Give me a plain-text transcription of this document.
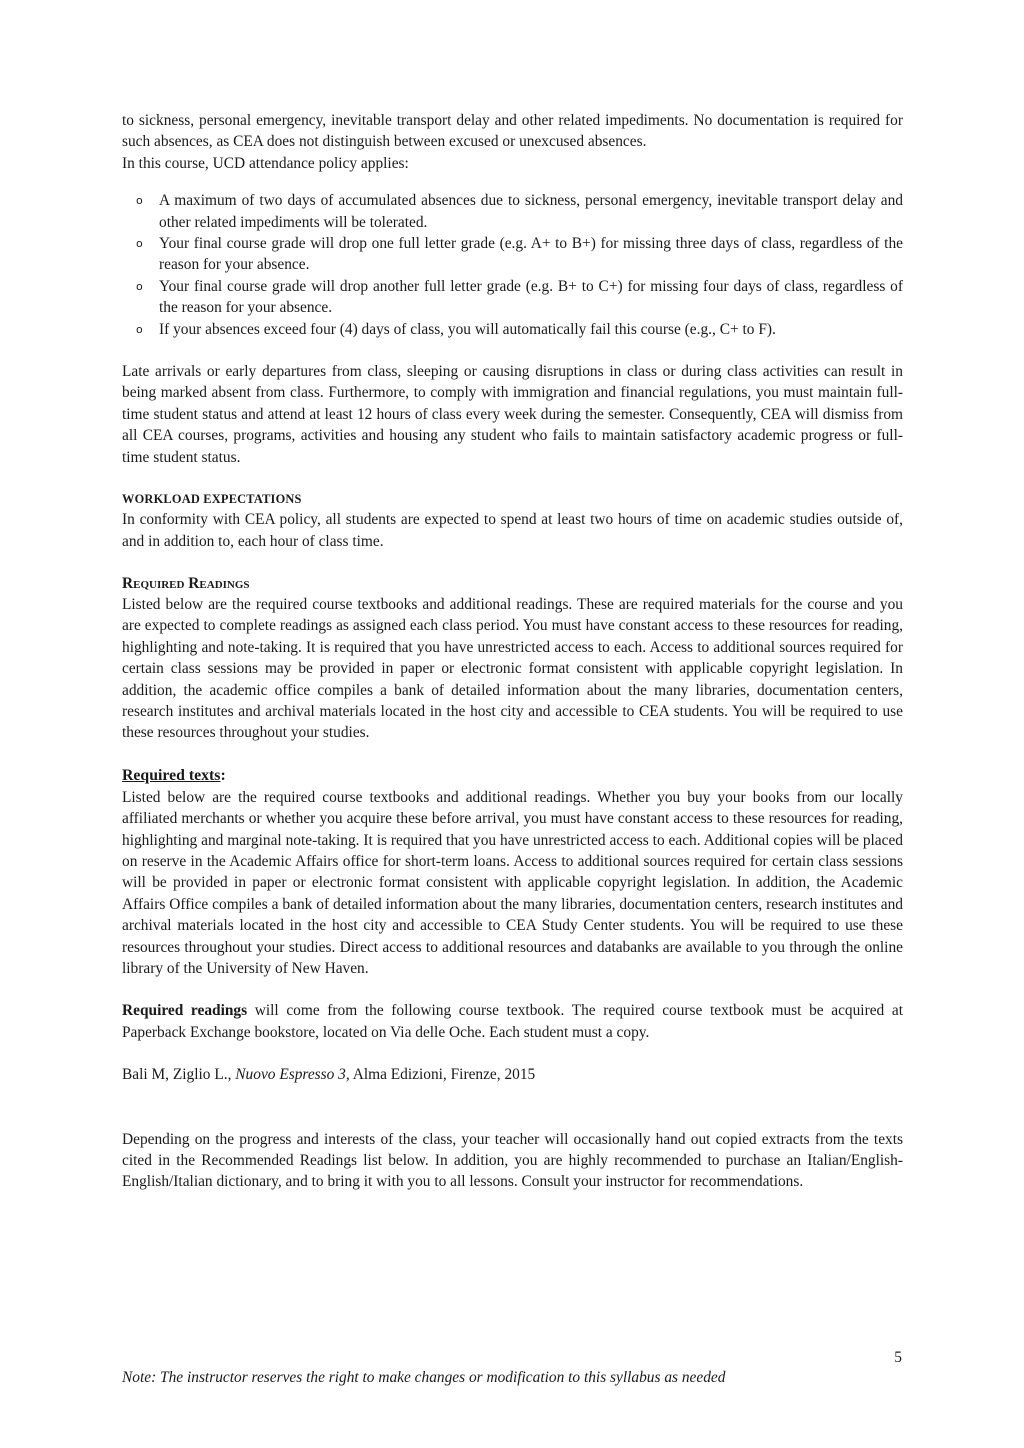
to sickness, personal emergency, inevitable transport delay and other related impediments. No documentation is required for such absences, as CEA does not distinguish between excused or unexcused absences.

In this course, UCD attendance policy applies:

o A maximum of two days of accumulated absences due to sickness, personal emergency, inevitable transport delay and other related impediments will be tolerated.
o Your final course grade will drop one full letter grade (e.g. A+ to B+) for missing three days of class, regardless of the reason for your absence.
o Your final course grade will drop another full letter grade (e.g. B+ to C+) for missing four days of class, regardless of the reason for your absence.
o If your absences exceed four (4) days of class, you will automatically fail this course (e.g., C+ to F).

Late arrivals or early departures from class, sleeping or causing disruptions in class or during class activities can result in being marked absent from class. Furthermore, to comply with immigration and financial regulations, you must maintain full-time student status and attend at least 12 hours of class every week during the semester. Consequently, CEA will dismiss from all CEA courses, programs, activities and housing any student who fails to maintain satisfactory academic progress or full-time student status.

WORKLOAD EXPECTATIONS

In conformity with CEA policy, all students are expected to spend at least two hours of time on academic studies outside of, and in addition to, each hour of class time.

Required Readings

Listed below are the required course textbooks and additional readings. These are required materials for the course and you are expected to complete readings as assigned each class period. You must have constant access to these resources for reading, highlighting and note-taking. It is required that you have unrestricted access to each. Access to additional sources required for certain class sessions may be provided in paper or electronic format consistent with applicable copyright legislation. In addition, the academic office compiles a bank of detailed information about the many libraries, documentation centers, research institutes and archival materials located in the host city and accessible to CEA students. You will be required to use these resources throughout your studies.

Required texts:

Listed below are the required course textbooks and additional readings. Whether you buy your books from our locally affiliated merchants or whether you acquire these before arrival, you must have constant access to these resources for reading, highlighting and marginal note-taking. It is required that you have unrestricted access to each. Additional copies will be placed on reserve in the Academic Affairs office for short-term loans. Access to additional sources required for certain class sessions will be provided in paper or electronic format consistent with applicable copyright legislation. In addition, the Academic Affairs Office compiles a bank of detailed information about the many libraries, documentation centers, research institutes and archival materials located in the host city and accessible to CEA Study Center students. You will be required to use these resources throughout your studies. Direct access to additional resources and databanks are available to you through the online library of the University of New Haven.

Required readings will come from the following course textbook. The required course textbook must be acquired at Paperback Exchange bookstore, located on Via delle Oche. Each student must a copy.

Bali M, Ziglio L., Nuovo Espresso 3, Alma Edizioni, Firenze, 2015

Depending on the progress and interests of the class, your teacher will occasionally hand out copied extracts from the texts cited in the Recommended Readings list below. In addition, you are highly recommended to purchase an Italian/English-English/Italian dictionary, and to bring it with you to all lessons. Consult your instructor for recommendations.

5
Note: The instructor reserves the right to make changes or modification to this syllabus as needed
